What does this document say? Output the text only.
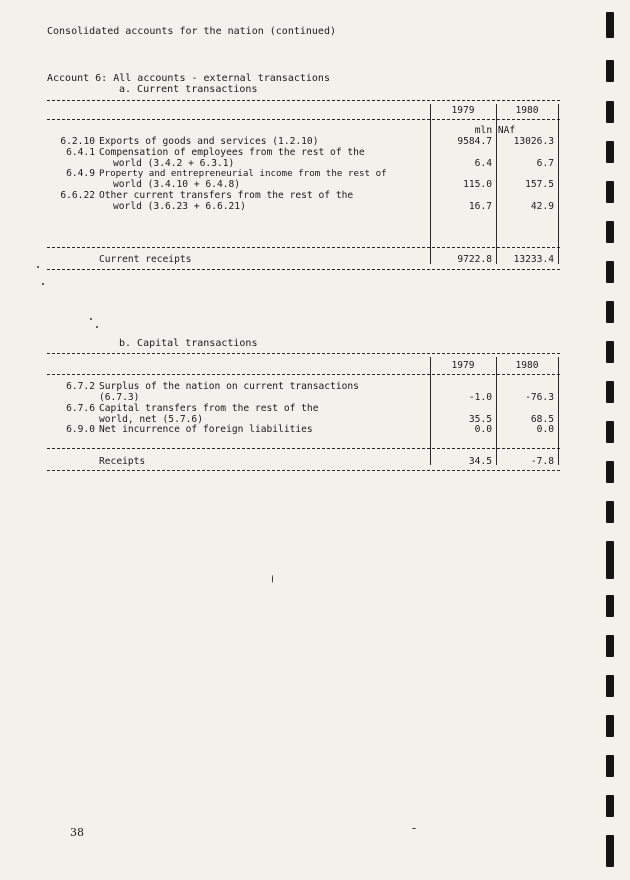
Consolidated accounts for the nation (continued)
Account 6: All accounts - external transactions
a. Current transactions
1979	1980
mln NAf
6.2.10 Exports of goods and services (1.2.10)	9584.7	13026.3
6.4.1 Compensation of employees from the rest of the
world (3.4.2 + 6.3.1)	6.4	6.7
6.4.9 Property and entrepreneurial income from the rest of
world (3.4.10 + 6.4.8)	115.0	157.5
6.6.22 Other current transfers from the rest of the
world (3.6.23 + 6.6.21)	16.7	42.9
Current receipts	9722.8	13233.4
b. Capital transactions
1979	1980
6.7.2 Surplus of the nation on current transactions
(6.7.3)	-1.0	-76.3
6.7.6 Capital transfers from the rest of the
world, net (5.7.6)	35.5	68.5
6.9.0 Net incurrence of foreign liabilities	0.0	0.0
Receipts	34.5	-7.8
38
